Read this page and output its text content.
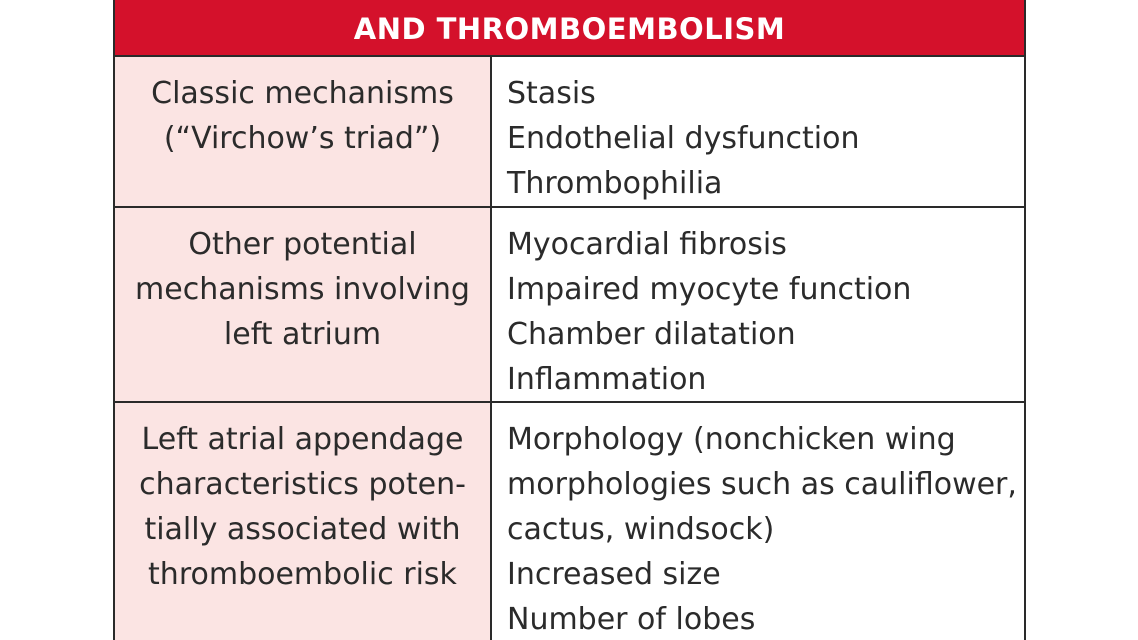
AND THROMBOEMBOLISM
Classic mechanisms
(“Virchow’s triad”)
Stasis
Endothelial dysfunction
Thrombophilia
Other potential
mechanisms involving
left atrium
Myocardial fibrosis
Impaired myocyte function
Chamber dilatation
Inflammation
Left atrial appendage
characteristics poten-
tially associated with
thromboembolic risk
Morphology (nonchicken wing
morphologies such as cauliflower,
cactus, windsock)
Increased size
Number of lobes
